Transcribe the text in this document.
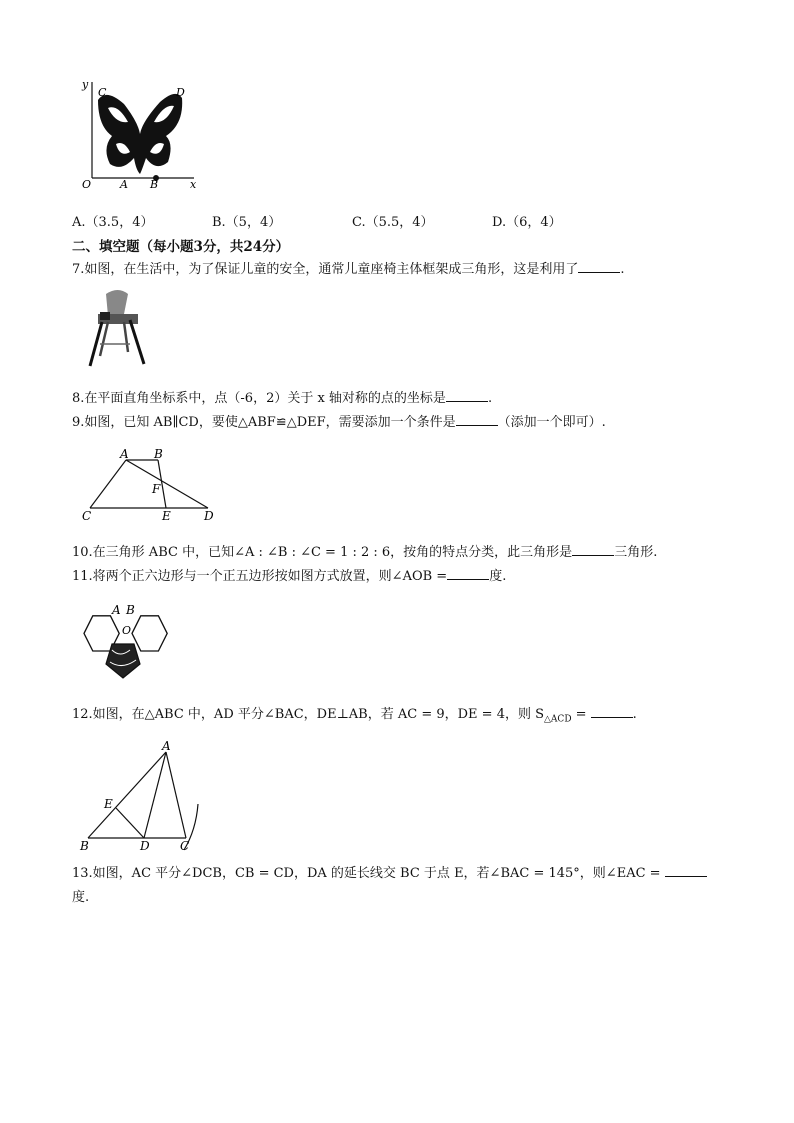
y
C	D
O	A B	x
A.（3.5，4）	B.（5，4）	C.（5.5，4）	D.（6，4）
二、填空题（每小题3分，共24分）
7.如图，在生活中，为了保证儿童的安全，通常儿童座椅主体框架成三角形，这是利用了	.
8.在平面直角坐标系中，点（-6，2）关于 x 轴对称的点的坐标是	.
9.如图，已知 AB∥CD，要使△ABF≌△DEF，需要添加一个条件是	（添加一个即可）.
A B
F
C	E	D
10.在三角形 ABC 中，已知∠A : ∠B : ∠C = 1 : 2 : 6，按角的特点分类，此三角形是	三角形.
11.将两个正六边形与一个正五边形按如图方式放置，则∠AOB =	度.
A B
O
12.如图，在△ABC 中，AD 平分∠BAC，DE⊥AB，若 AC = 9，DE = 4，则 $S_{\triangle ACD}$ =	.
A
E
B	D	C
13.如图，AC 平分∠DCB，CB = CD，DA 的延长线交 BC 于点 E，若∠BAC = 145°，则∠EAC =
度.
